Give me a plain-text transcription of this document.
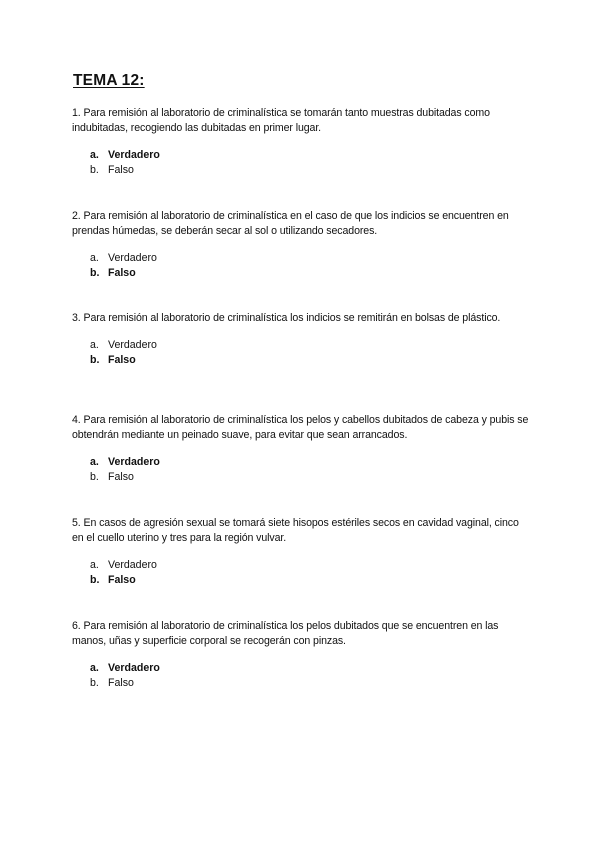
TEMA 12:

1. Para remisión al laboratorio de criminalística se tomarán tanto muestras dubitadas como indubitadas, recogiendo las dubitadas en primer lugar.

a. Verdadero
b. Falso

2. Para remisión al laboratorio de criminalística en el caso de que los indicios se encuentren en prendas húmedas, se deberán secar al sol o utilizando secadores.

a. Verdadero
b. Falso

3. Para remisión al laboratorio de criminalística los indicios se remitirán en bolsas de plástico.

a. Verdadero
b. Falso

4. Para remisión al laboratorio de criminalística los pelos y cabellos dubitados de cabeza y pubis se obtendrán mediante un peinado suave, para evitar que sean arrancados.

a. Verdadero
b. Falso

5. En casos de agresión sexual se tomará siete hisopos estériles secos en cavidad vaginal, cinco en el cuello uterino y tres para la región vulvar.

a. Verdadero
b. Falso

6. Para remisión al laboratorio de criminalística los pelos dubitados que se encuentren en las manos, uñas y superficie corporal se recogerán con pinzas.

a. Verdadero
b. Falso
